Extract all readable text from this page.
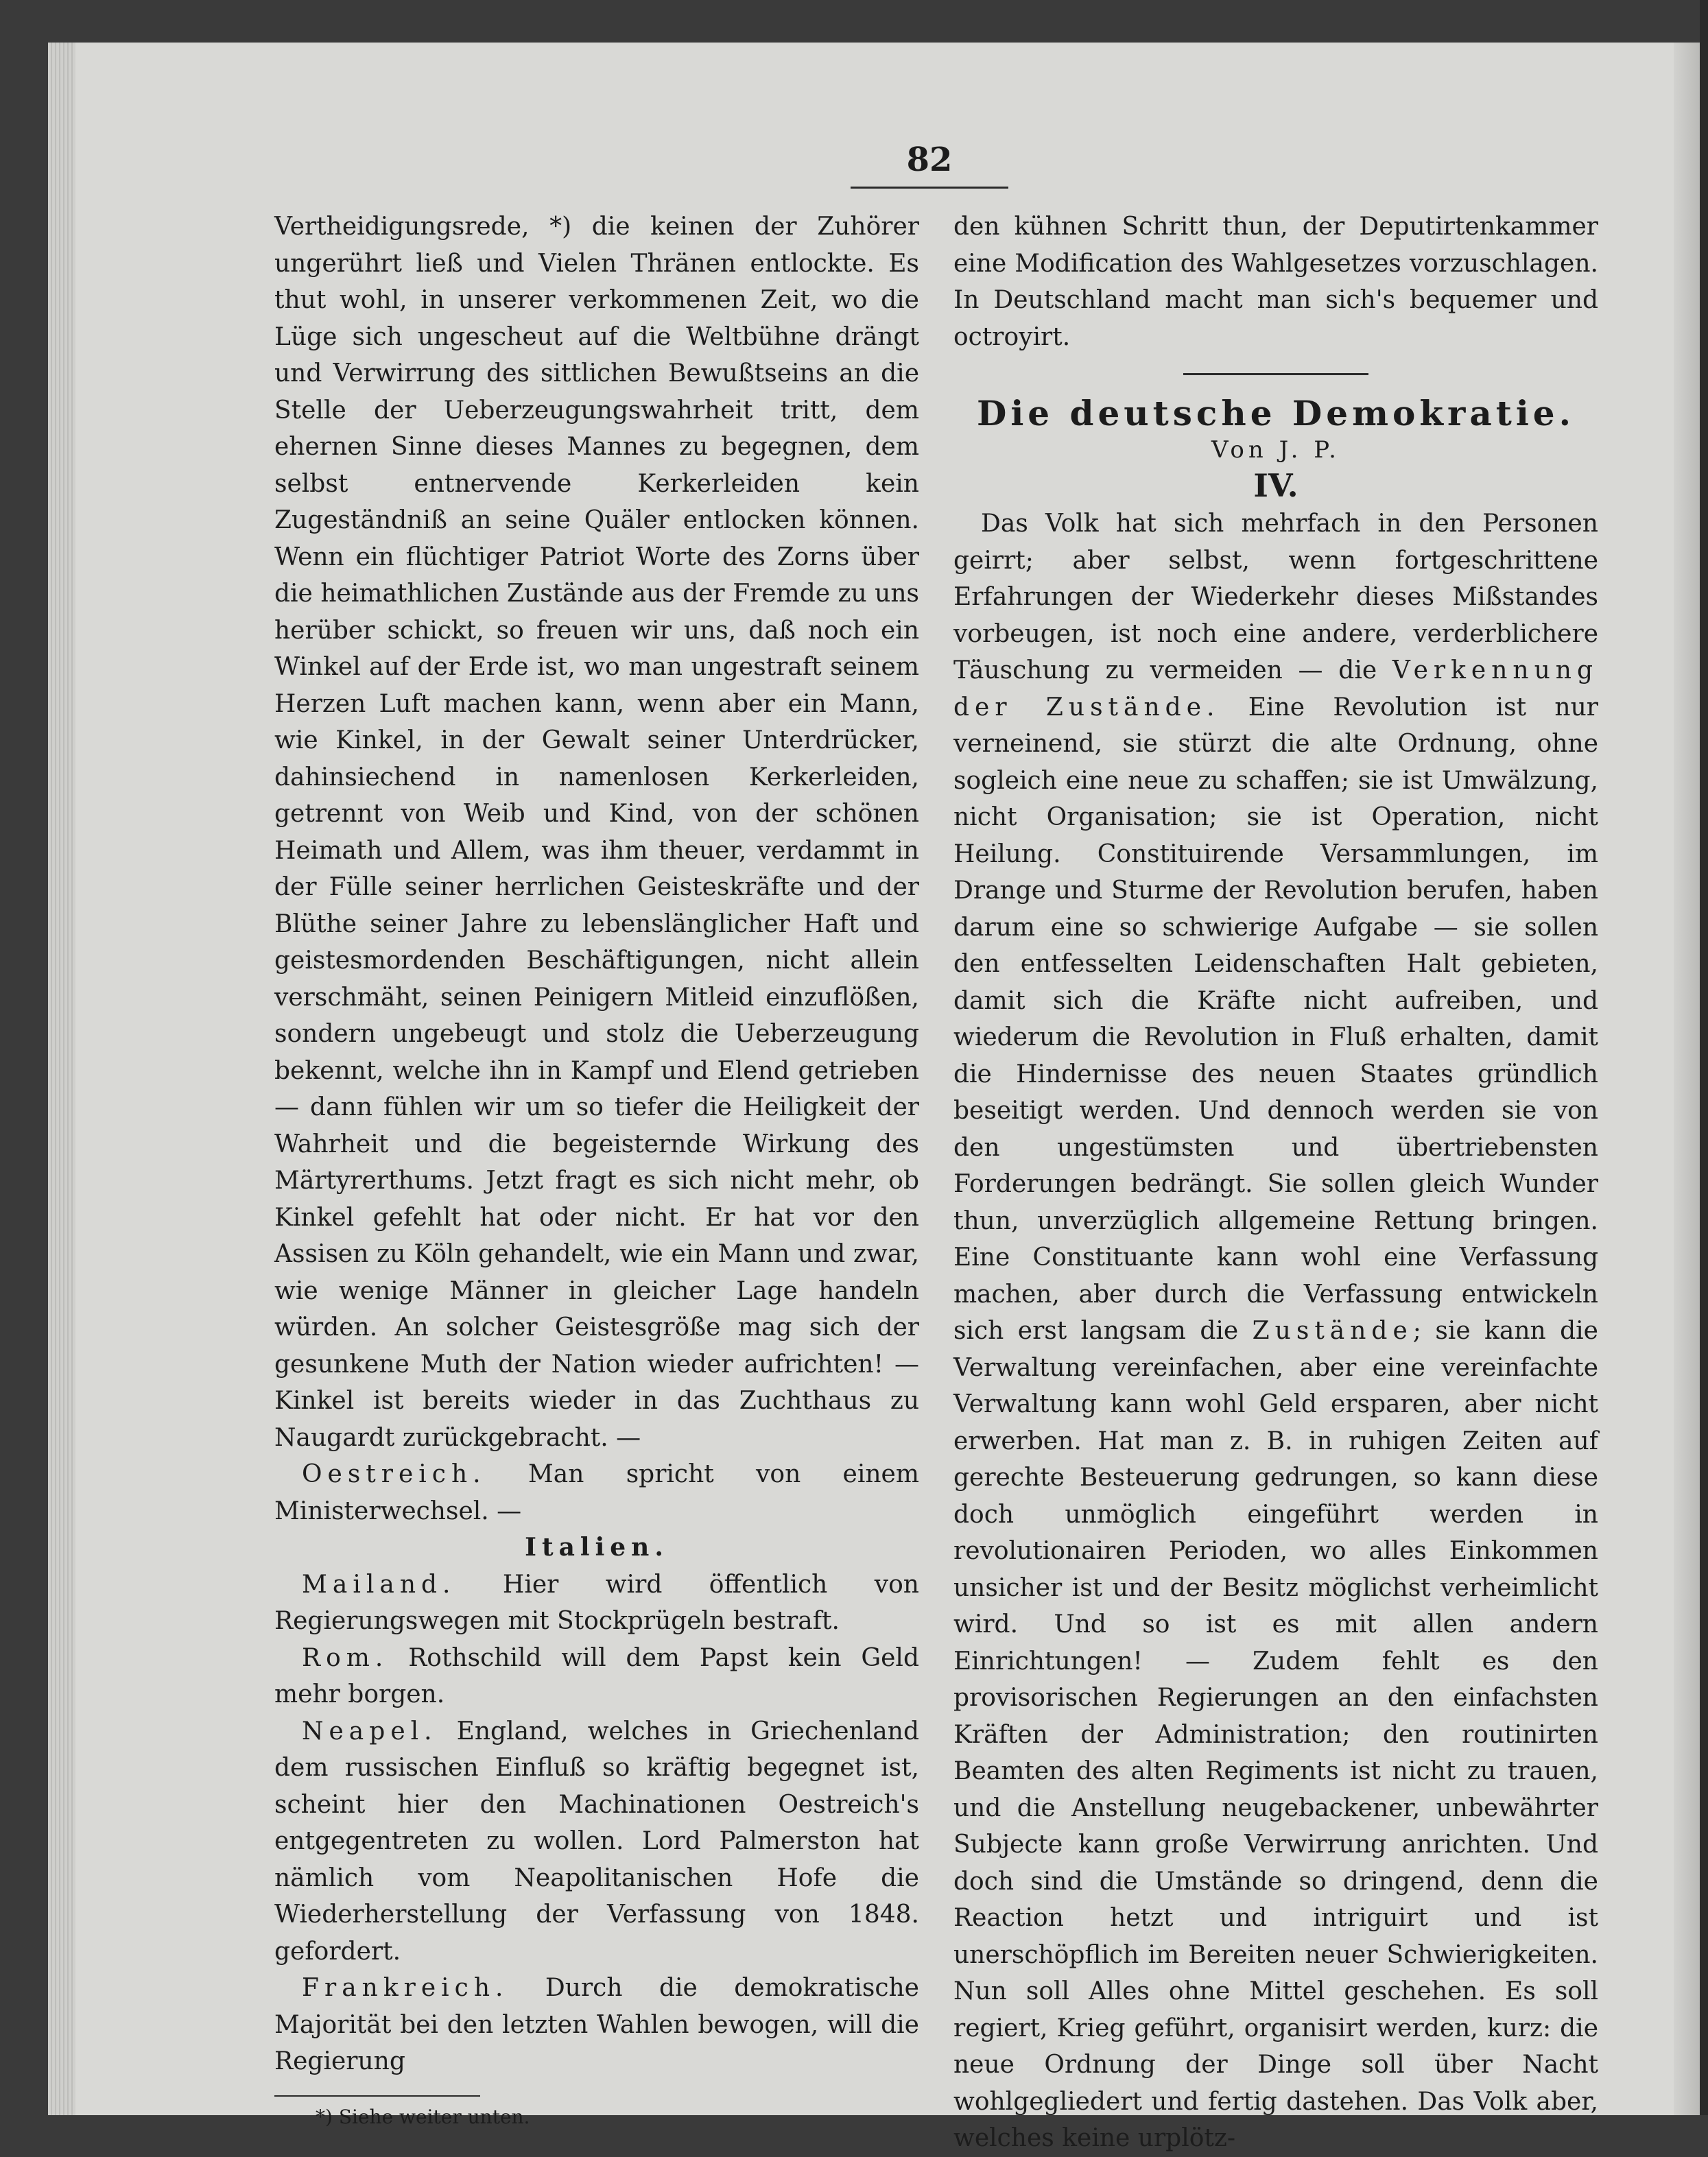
82

Vertheidigungsrede, *) die keinen der Zuhörer ungerührt ließ und Vielen Thränen entlockte. Es thut wohl, in unserer verkommenen Zeit, wo die Lüge sich ungescheut auf die Weltbühne drängt und Verwirrung des sittlichen Bewußtseins an die Stelle der Ueberzeugungswahrheit tritt, dem ehernen Sinne dieses Mannes zu begegnen, dem selbst entnervende Kerkerleiden kein Zugeständniß an seine Quäler entlocken können. Wenn ein flüchtiger Patriot Worte des Zorns über die heimathlichen Zustände aus der Fremde zu uns herüber schickt, so freuen wir uns, daß noch ein Winkel auf der Erde ist, wo man ungestraft seinem Herzen Luft machen kann, wenn aber ein Mann, wie Kinkel, in der Gewalt seiner Unterdrücker, dahinsiechend in namenlosen Kerkerleiden, getrennt von Weib und Kind, von der schönen Heimath und Allem, was ihm theuer, verdammt in der Fülle seiner herrlichen Geisteskräfte und der Blüthe seiner Jahre zu lebenslänglicher Haft und geistesmordenden Beschäftigungen, nicht allein verschmäht, seinen Peinigern Mitleid einzuflößen, sondern ungebeugt und stolz die Ueberzeugung bekennt, welche ihn in Kampf und Elend getrieben — dann fühlen wir um so tiefer die Heiligkeit der Wahrheit und die begeisternde Wirkung des Märtyrerthums. Jetzt fragt es sich nicht mehr, ob Kinkel gefehlt hat oder nicht. Er hat vor den Assisen zu Köln gehandelt, wie ein Mann und zwar, wie wenige Männer in gleicher Lage handeln würden. An solcher Geistesgröße mag sich der gesunkene Muth der Nation wieder aufrichten! — Kinkel ist bereits wieder in das Zuchthaus zu Naugardt zurückgebracht. —

Oestreich. Man spricht von einem Ministerwechsel. —

Italien.

Mailand. Hier wird öffentlich von Regierungswegen mit Stockprügeln bestraft.

Rom. Rothschild will dem Papst kein Geld mehr borgen.

Neapel. England, welches in Griechenland dem russischen Einfluß so kräftig begegnet ist, scheint hier den Machinationen Oestreich's entgegentreten zu wollen. Lord Palmerston hat nämlich vom Neapolitanischen Hofe die Wiederherstellung der Verfassung von 1848. gefordert.

Frankreich. Durch die demokratische Majorität bei den letzten Wahlen bewogen, will die Regierung

*) Siehe weiter unten.

den kühnen Schritt thun, der Deputirtenkammer eine Modification des Wahlgesetzes vorzuschlagen. In Deutschland macht man sich's bequemer und octroyirt.

Die deutsche Demokratie.

Von J. P.

IV.

Das Volk hat sich mehrfach in den Personen geirrt; aber selbst, wenn fortgeschrittene Erfahrungen der Wiederkehr dieses Mißstandes vorbeugen, ist noch eine andere, verderblichere Täuschung zu vermeiden — die Verkennung der Zustände. Eine Revolution ist nur verneinend, sie stürzt die alte Ordnung, ohne sogleich eine neue zu schaffen; sie ist Umwälzung, nicht Organisation; sie ist Operation, nicht Heilung. Constituirende Versammlungen, im Drange und Sturme der Revolution berufen, haben darum eine so schwierige Aufgabe — sie sollen den entfesselten Leidenschaften Halt gebieten, damit sich die Kräfte nicht aufreiben, und wiederum die Revolution in Fluß erhalten, damit die Hindernisse des neuen Staates gründlich beseitigt werden. Und dennoch werden sie von den ungestümsten und übertriebensten Forderungen bedrängt. Sie sollen gleich Wunder thun, unverzüglich allgemeine Rettung bringen. Eine Constituante kann wohl eine Verfassung machen, aber durch die Verfassung entwickeln sich erst langsam die Zustände; sie kann die Verwaltung vereinfachen, aber eine vereinfachte Verwaltung kann wohl Geld ersparen, aber nicht erwerben. Hat man z. B. in ruhigen Zeiten auf gerechte Besteuerung gedrungen, so kann diese doch unmöglich eingeführt werden in revolutionairen Perioden, wo alles Einkommen unsicher ist und der Besitz möglichst verheimlicht wird. Und so ist es mit allen andern Einrichtungen! — Zudem fehlt es den provisorischen Regierungen an den einfachsten Kräften der Administration; den routinirten Beamten des alten Regiments ist nicht zu trauen, und die Anstellung neugebackener, unbewährter Subjecte kann große Verwirrung anrichten. Und doch sind die Umstände so dringend, denn die Reaction hetzt und intriguirt und ist unerschöpflich im Bereiten neuer Schwierigkeiten. Nun soll Alles ohne Mittel geschehen. Es soll regiert, Krieg geführt, organisirt werden, kurz: die neue Ordnung der Dinge soll über Nacht wohlgegliedert und fertig dastehen. Das Volk aber, welches keine urplötz-
